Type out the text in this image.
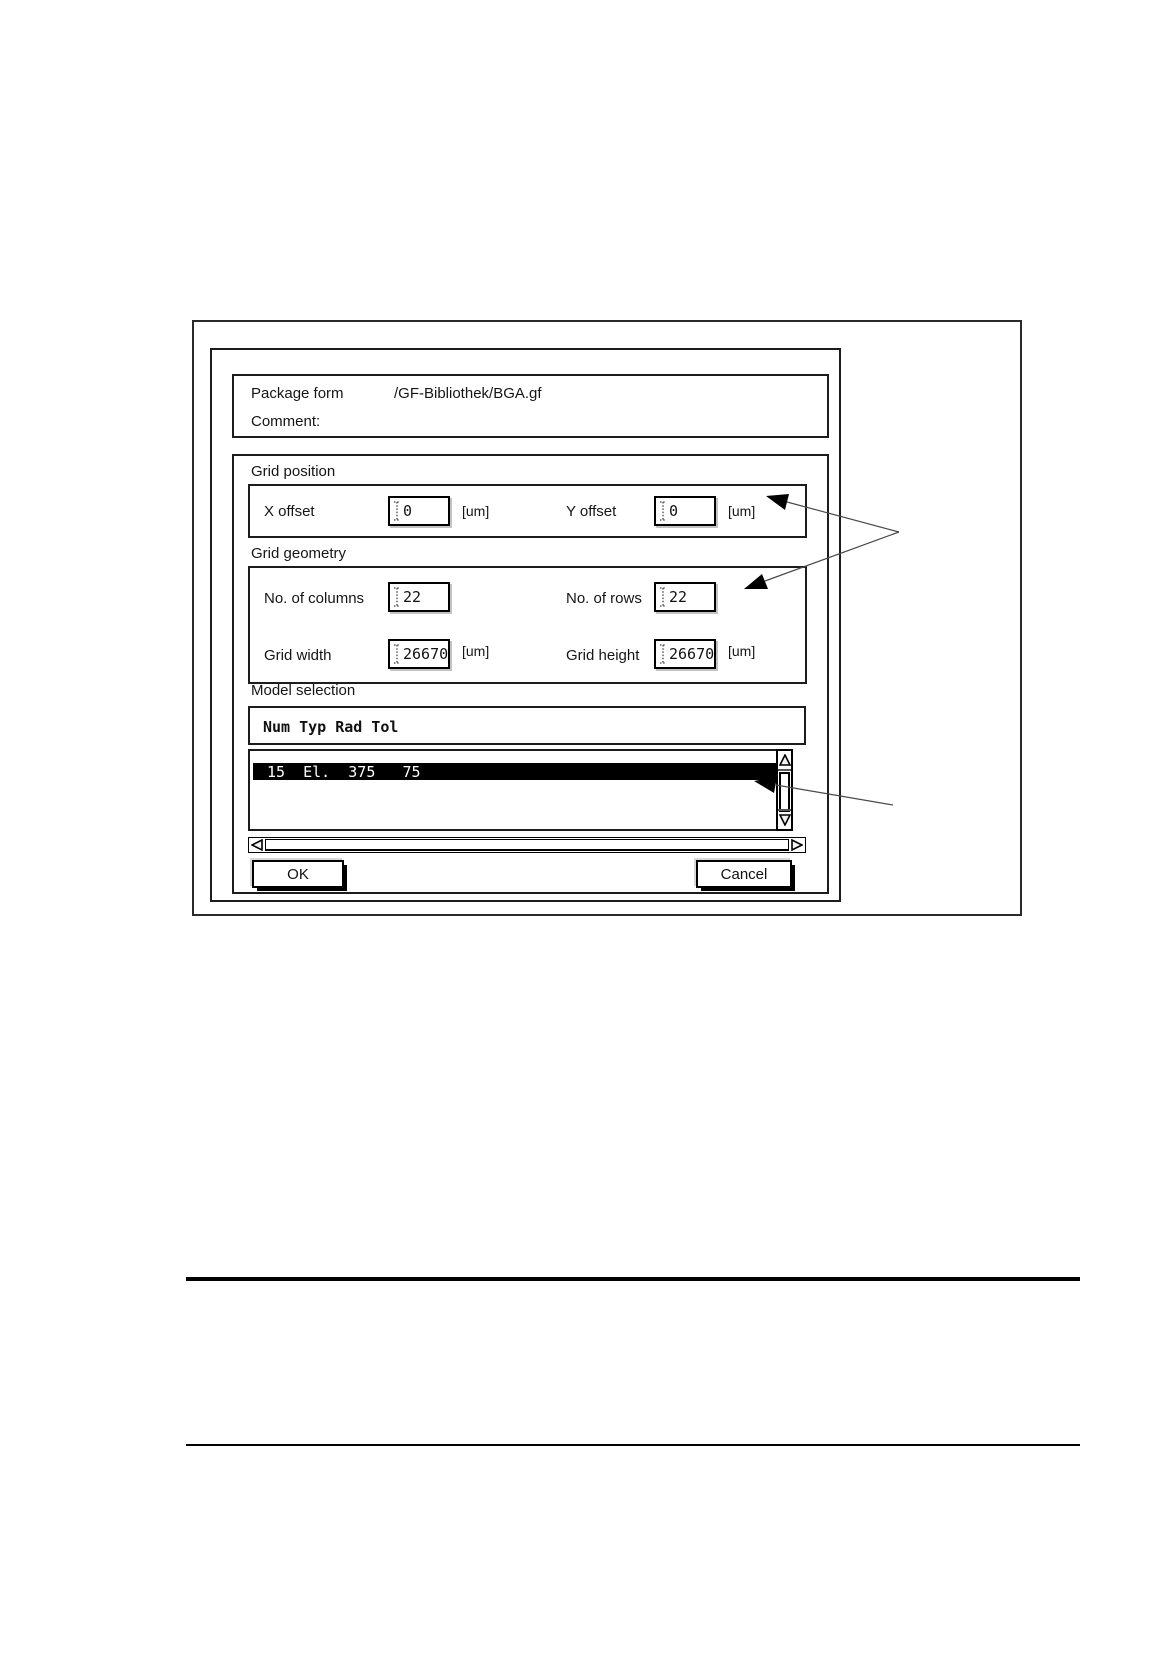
Package form	/GF-Bibliothek/BGA.gf
Comment:
Grid position
X offset	0	[um]	Y offset	0	[um]
Grid geometry
No. of columns	22	No. of rows 22
Grid width	26670 [um]	Grid height 26670 [um]
Model selection
Num Typ Rad Tol
15  El.  375   75
OK	Cancel
